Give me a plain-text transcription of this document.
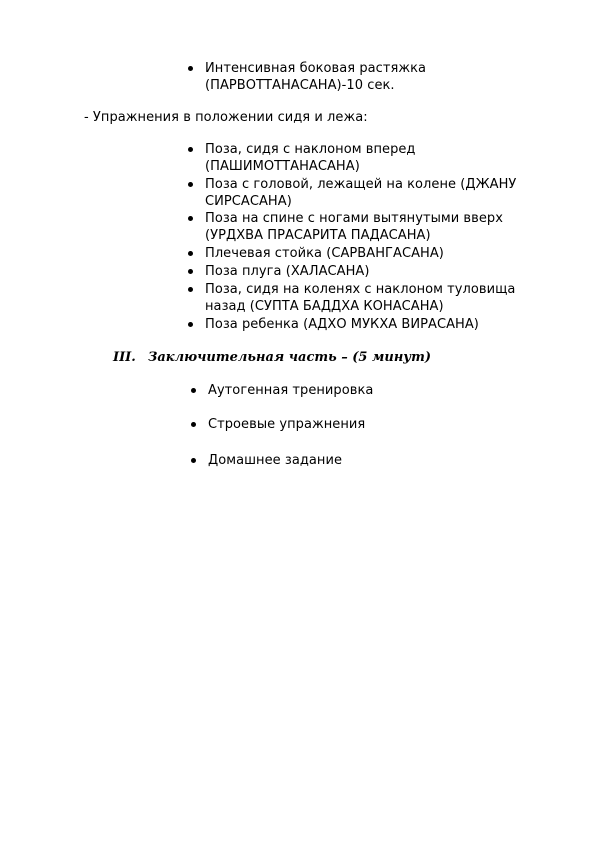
Интенсивная боковая растяжка
(ПАРВОТТАНАСАНА)-10 сек.
- Упражнения в положении сидя и лежа:
Поза, сидя с наклоном вперед
(ПАШИМОТТАНАСАНА)
Поза с головой, лежащей на колене (ДЖАНУ
СИРСАСАНА)
Поза на спине с ногами вытянутыми вверх
(УРДХВА ПРАСАРИТА ПАДАСАНА)
Плечевая стойка (САРВАНГАСАНА)
Поза плуга (ХАЛАСАНА)
Поза, сидя на коленях с наклоном туловища
назад (СУПТА БАДДХА КОНАСАНА)
Поза ребенка (АДХО МУКХА ВИРАСАНА)
III. Заключительная часть – (5 минут)
Аутогенная тренировка
Строевые упражнения
Домашнее задание
